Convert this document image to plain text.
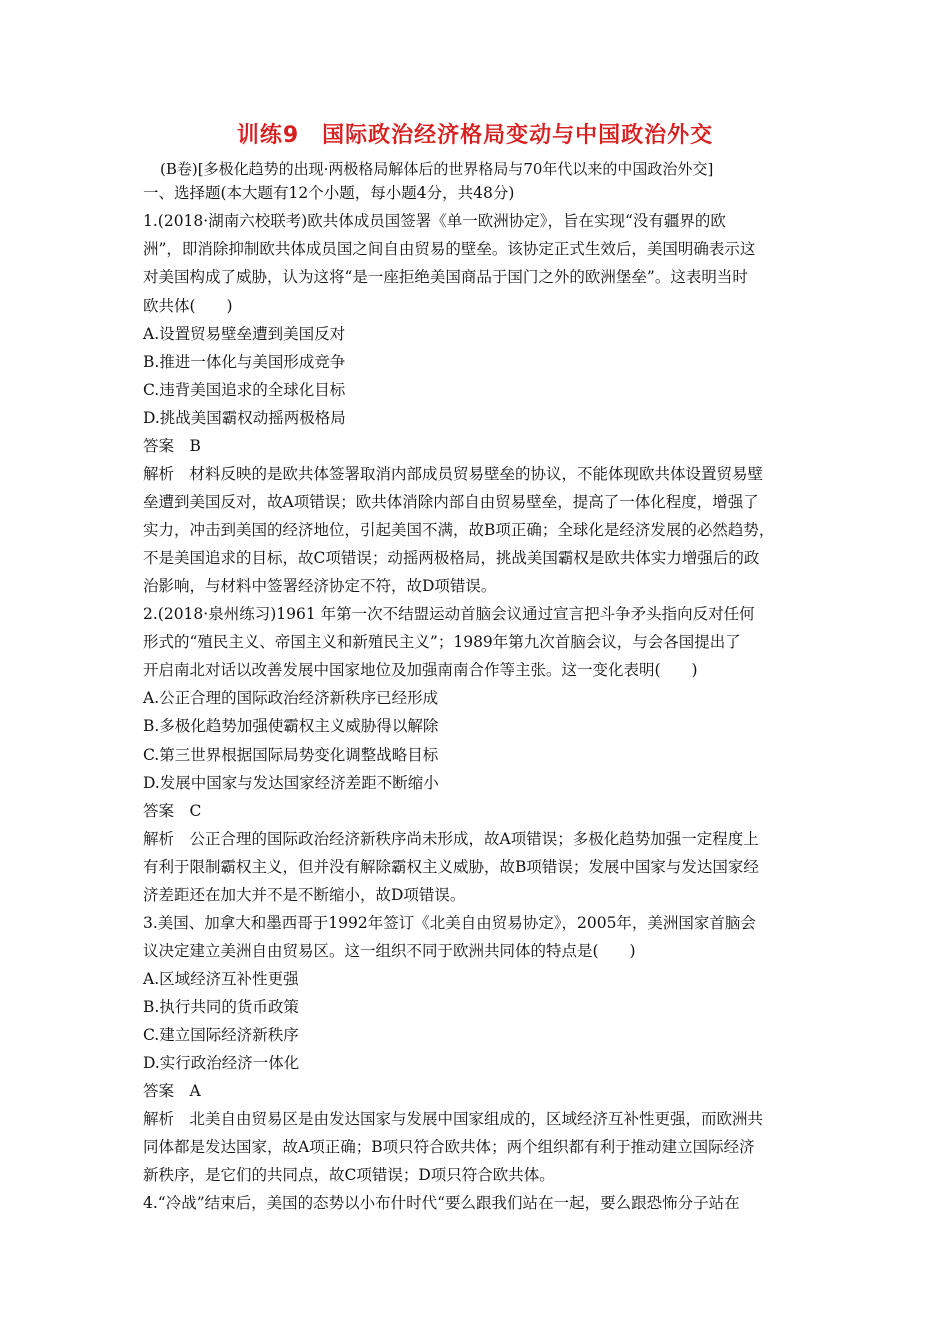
训练9　国际政治经济格局变动与中国政治外交
(B卷)[多极化趋势的出现·两极格局解体后的世界格局与70年代以来的中国政治外交]
一、选择题(本大题有12个小题，每小题4分，共48分)
1.(2018·湖南六校联考)欧共体成员国签署《单一欧洲协定》，旨在实现“没有疆界的欧
洲”，即消除抑制欧共体成员国之间自由贸易的壁垒。该协定正式生效后，美国明确表示这
对美国构成了威胁，认为这将“是一座拒绝美国商品于国门之外的欧洲堡垒”。这表明当时
欧共体(　　)
A.设置贸易壁垒遭到美国反对
B.推进一体化与美国形成竞争
C.违背美国追求的全球化目标
D.挑战美国霸权动摇两极格局
答案　B
解析　材料反映的是欧共体签署取消内部成员贸易壁垒的协议，不能体现欧共体设置贸易壁
垒遭到美国反对，故A项错误；欧共体消除内部自由贸易壁垒，提高了一体化程度，增强了
实力，冲击到美国的经济地位，引起美国不满，故B项正确；全球化是经济发展的必然趋势，
不是美国追求的目标，故C项错误；动摇两极格局，挑战美国霸权是欧共体实力增强后的政
治影响，与材料中签署经济协定不符，故D项错误。
2.(2018·泉州练习)1961 年第一次不结盟运动首脑会议通过宣言把斗争矛头指向反对任何
形式的“殖民主义、帝国主义和新殖民主义”；1989年第九次首脑会议，与会各国提出了
开启南北对话以改善发展中国家地位及加强南南合作等主张。这一变化表明(　　)
A.公正合理的国际政治经济新秩序已经形成
B.多极化趋势加强使霸权主义威胁得以解除
C.第三世界根据国际局势变化调整战略目标
D.发展中国家与发达国家经济差距不断缩小
答案　C
解析　公正合理的国际政治经济新秩序尚未形成，故A项错误；多极化趋势加强一定程度上
有利于限制霸权主义，但并没有解除霸权主义威胁，故B项错误；发展中国家与发达国家经
济差距还在加大并不是不断缩小，故D项错误。
3.美国、加拿大和墨西哥于1992年签订《北美自由贸易协定》，2005年，美洲国家首脑会
议决定建立美洲自由贸易区。这一组织不同于欧洲共同体的特点是(　　)
A.区域经济互补性更强
B.执行共同的货币政策
C.建立国际经济新秩序
D.实行政治经济一体化
答案　A
解析　北美自由贸易区是由发达国家与发展中国家组成的，区域经济互补性更强，而欧洲共
同体都是发达国家，故A项正确；B项只符合欧共体；两个组织都有利于推动建立国际经济
新秩序，是它们的共同点，故C项错误；D项只符合欧共体。
4.“冷战”结束后，美国的态势以小布什时代“要么跟我们站在一起，要么跟恐怖分子站在
